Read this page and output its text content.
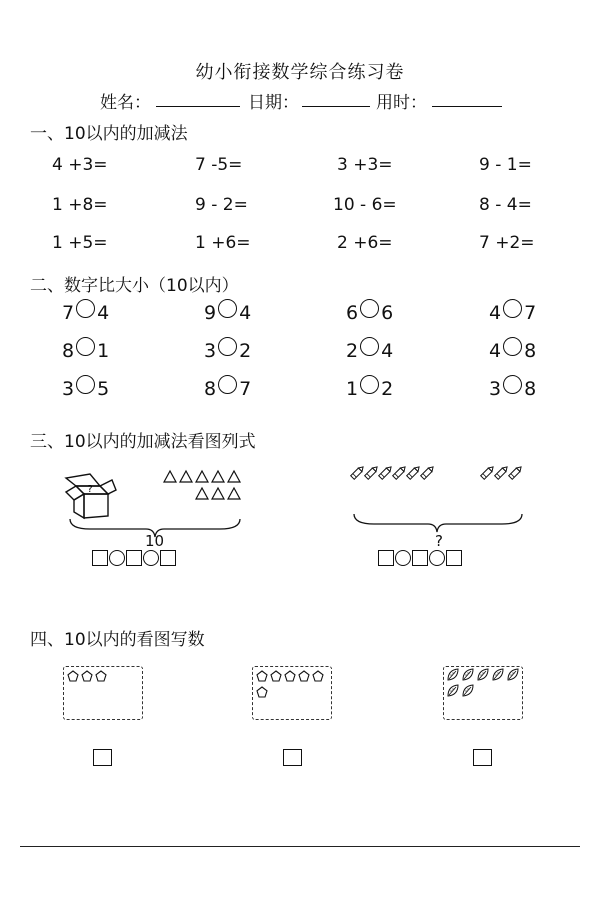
幼小衔接数学综合练习卷
姓名：	日期：	用时：
一、10以内的加减法
4 +3=	7 -5=	3 +3=	9 - 1=
1 +8=	9 - 2=	10 - 6=	8 - 4=
1 +5=	1 +6=	2 +6=	7 +2=
二、数字比大小（10以内）
7 4	9 4	6 6	4 7
8 1	3 2	2 4	4 8
3 5	8 7	1 2	3 8
三、10以内的加减法看图列式
?
10	?
四、10以内的看图写数
